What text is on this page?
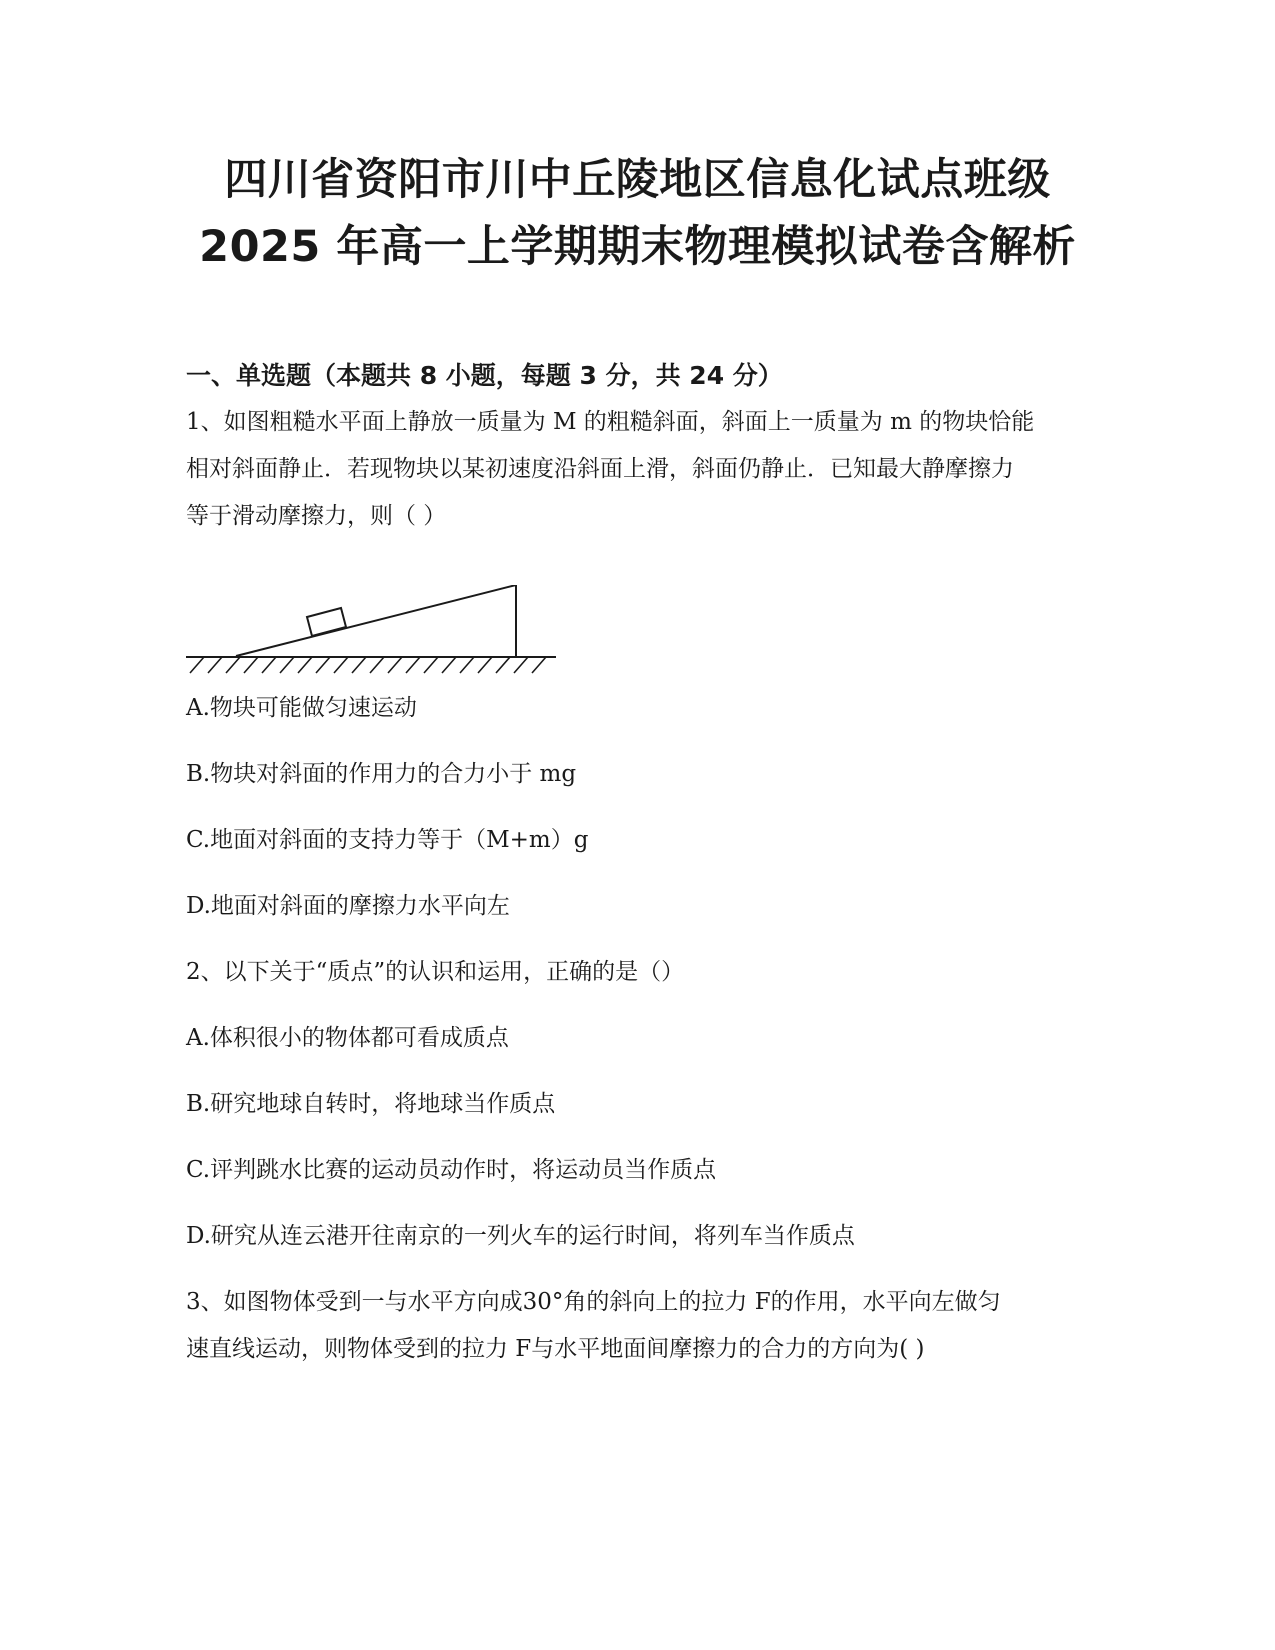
四川省资阳市川中丘陵地区信息化试点班级
2025 年高一上学期期末物理模拟试卷含解析
一、单选题（本题共 8 小题，每题 3 分，共 24 分）
1、如图粗糙水平面上静放一质量为 M 的粗糙斜面，斜面上一质量为 m 的物块恰能
相对斜面静止．若现物块以某初速度沿斜面上滑，斜面仍静止．已知最大静摩擦力
等于滑动摩擦力，则（ ）
A.物块可能做匀速运动
B.物块对斜面的作用力的合力小于 mg
C.地面对斜面的支持力等于（M+m）g
D.地面对斜面的摩擦力水平向左
2、以下关于“质点”的认识和运用，正确的是（）
A.体积很小的物体都可看成质点
B.研究地球自转时，将地球当作质点
C.评判跳水比赛的运动员动作时，将运动员当作质点
D.研究从连云港开往南京的一列火车的运行时间，将列车当作质点
3、如图物体受到一与水平方向成30°角的斜向上的拉力 F的作用，水平向左做匀
速直线运动，则物体受到的拉力 F与水平地面间摩擦力的合力的方向为( )
